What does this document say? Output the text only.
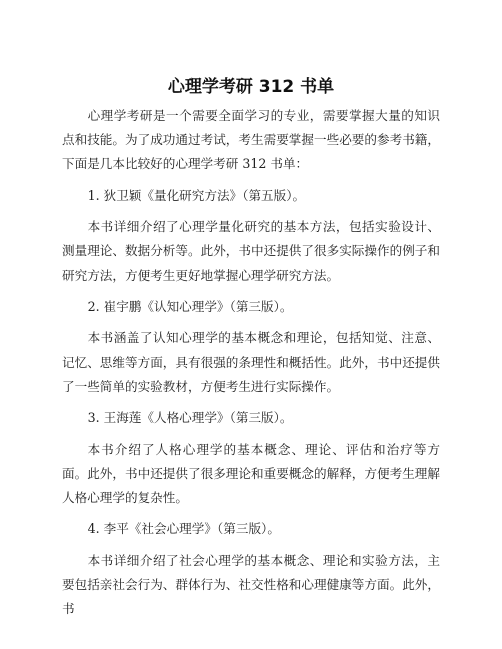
心理学考研 312 书单

心理学考研是一个需要全面学习的专业，需要掌握大量的知识点和技能。为了成功通过考试，考生需要掌握一些必要的参考书籍，下面是几本比较好的心理学考研 312 书单：

1. 狄卫颖《量化研究方法》（第五版）。

本书详细介绍了心理学量化研究的基本方法，包括实验设计、测量理论、数据分析等。此外，书中还提供了很多实际操作的例子和研究方法，方便考生更好地掌握心理学研究方法。

2. 崔宇鹏《认知心理学》（第三版）。

本书涵盖了认知心理学的基本概念和理论，包括知觉、注意、记忆、思维等方面，具有很强的条理性和概括性。此外，书中还提供了一些简单的实验教材，方便考生进行实际操作。

3. 王海莲《人格心理学》（第三版）。

本书介绍了人格心理学的基本概念、理论、评估和治疗等方面。此外，书中还提供了很多理论和重要概念的解释，方便考生理解人格心理学的复杂性。

4. 李平《社会心理学》（第三版）。

本书详细介绍了社会心理学的基本概念、理论和实验方法，主要包括亲社会行为、群体行为、社交性格和心理健康等方面。此外，书
